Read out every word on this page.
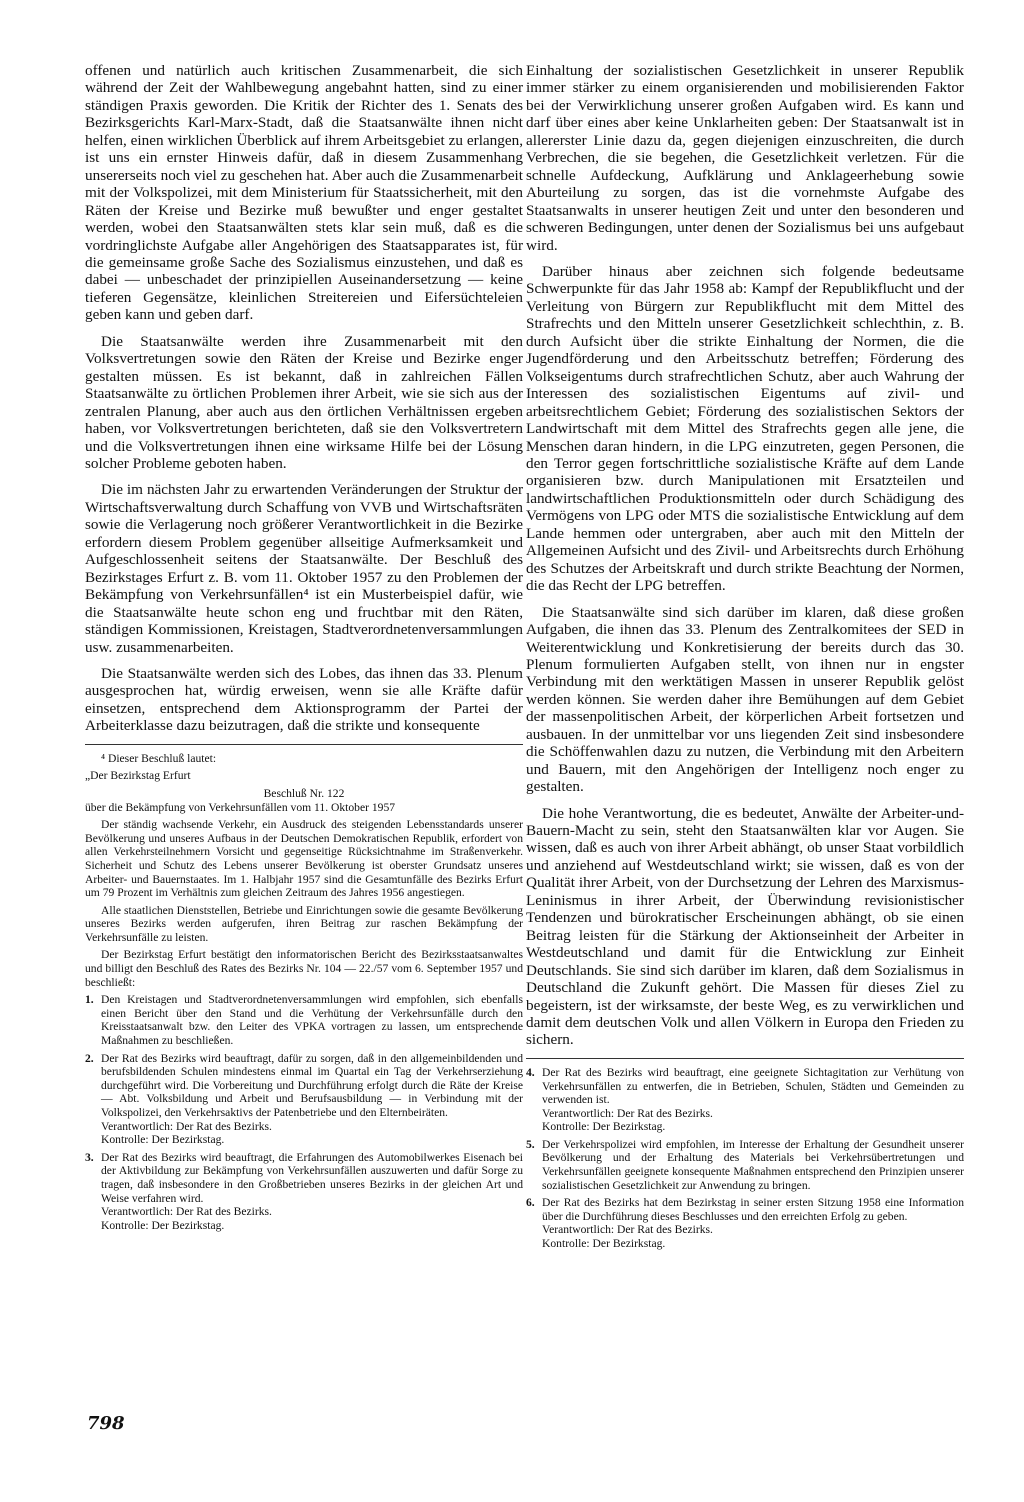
offenen und natürlich auch kritischen Zusammenarbeit, die sich während der Zeit der Wahlbewegung angebahnt hatten, sind zu einer ständigen Praxis geworden. Die Kritik der Richter des 1. Senats des Bezirksgerichts Karl-Marx-Stadt, daß die Staatsanwälte ihnen nicht helfen, einen wirklichen Überblick auf ihrem Arbeitsgebiet zu erlangen, ist uns ein ernster Hinweis dafür, daß in diesem Zusammenhang unsererseits noch viel zu geschehen hat. Aber auch die Zusammenarbeit mit der Volkspolizei, mit dem Ministerium für Staatssicherheit, mit den Räten der Kreise und Bezirke muß bewußter und enger gestaltet werden, wobei den Staatsanwälten stets klar sein muß, daß es die vordringlichste Aufgabe aller Angehörigen des Staatsapparates ist, für die gemeinsame große Sache des Sozialismus einzustehen, und daß es dabei — unbeschadet der prinzipiellen Auseinandersetzung — keine tieferen Gegensätze, kleinlichen Streitereien und Eifersüchteleien geben kann und geben darf.

Die Staatsanwälte werden ihre Zusammenarbeit mit den Volksvertretungen sowie den Räten der Kreise und Bezirke enger gestalten müssen. Es ist bekannt, daß in zahlreichen Fällen Staatsanwälte zu örtlichen Problemen ihrer Arbeit, wie sie sich aus der zentralen Planung, aber auch aus den örtlichen Verhältnissen ergeben haben, vor Volksvertretungen berichteten, daß sie den Volksvertretern und die Volksvertretungen ihnen eine wirksame Hilfe bei der Lösung solcher Probleme geboten haben.

Die im nächsten Jahr zu erwartenden Veränderungen der Struktur der Wirtschaftsverwaltung durch Schaffung von VVB und Wirtschaftsräten sowie die Verlagerung noch größerer Verantwortlichkeit in die Bezirke erfordern diesem Problem gegenüber allseitige Aufmerksamkeit und Aufgeschlossenheit seitens der Staatsanwälte. Der Beschluß des Bezirkstages Erfurt z. B. vom 11. Oktober 1957 zu den Problemen der Bekämpfung von Verkehrsunfällen⁴ ist ein Musterbeispiel dafür, wie die Staatsanwälte heute schon eng und fruchtbar mit den Räten, ständigen Kommissionen, Kreistagen, Stadtverordnetenversammlungen usw. zusammenarbeiten.

Die Staatsanwälte werden sich des Lobes, das ihnen das 33. Plenum ausgesprochen hat, würdig erweisen, wenn sie alle Kräfte dafür einsetzen, entsprechend dem Aktionsprogramm der Partei der Arbeiterklasse dazu beizutragen, daß die strikte und konsequente

⁴ Dieser Beschluß lautet:

„Der Bezirkstag Erfurt

Beschluß Nr. 122

über die Bekämpfung von Verkehrsunfällen vom 11. Oktober 1957

Der ständig wachsende Verkehr, ein Ausdruck des steigenden Lebensstandards unserer Bevölkerung und unseres Aufbaus in der Deutschen Demokratischen Republik, erfordert von allen Verkehrsteilnehmern Vorsicht und gegenseitige Rücksichtnahme im Straßenverkehr. Sicherheit und Schutz des Lebens unserer Bevölkerung ist oberster Grundsatz unseres Arbeiter- und Bauernstaates. Im 1. Halbjahr 1957 sind die Gesamtunfälle des Bezirks Erfurt um 79 Prozent im Verhältnis zum gleichen Zeitraum des Jahres 1956 angestiegen.

Alle staatlichen Dienststellen, Betriebe und Einrichtungen sowie die gesamte Bevölkerung unseres Bezirks werden aufgerufen, ihren Beitrag zur raschen Bekämpfung der Verkehrsunfälle zu leisten.

Der Bezirkstag Erfurt bestätigt den informatorischen Bericht des Bezirksstaatsanwaltes und billigt den Beschluß des Rates des Bezirks Nr. 104 — 22./57 vom 6. September 1957 und beschließt:

1. Den Kreistagen und Stadtverordnetenversammlungen wird empfohlen, sich ebenfalls einen Bericht über den Stand und die Verhütung der Verkehrsunfälle durch den Kreisstaatsanwalt bzw. den Leiter des VPKA vortragen zu lassen, um entsprechende Maßnahmen zu beschließen.

2. Der Rat des Bezirks wird beauftragt, dafür zu sorgen, daß in den allgemeinbildenden und berufsbildenden Schulen mindestens einmal im Quartal ein Tag der Verkehrserziehung durchgeführt wird. Die Vorbereitung und Durchführung erfolgt durch die Räte der Kreise — Abt. Volksbildung und Arbeit und Berufsausbildung — in Verbindung mit der Volkspolizei, den Verkehrsaktivs der Patenbetriebe und den Elternbeiräten.

Verantwortlich: Der Rat des Bezirks.

Kontrolle: Der Bezirkstag.

3. Der Rat des Bezirks wird beauftragt, die Erfahrungen des Automobilwerkes Eisenach bei der Aktivbildung zur Bekämpfung von Verkehrsunfällen auszuwerten und dafür Sorge zu tragen, daß insbesondere in den Großbetrieben unseres Bezirks in der gleichen Art und Weise verfahren wird.

Verantwortlich: Der Rat des Bezirks.

Kontrolle: Der Bezirkstag.

Einhaltung der sozialistischen Gesetzlichkeit in unserer Republik immer stärker zu einem organisierenden und mobilisierenden Faktor bei der Verwirklichung unserer großen Aufgaben wird. Es kann und darf über eines aber keine Unklarheiten geben: Der Staatsanwalt ist in allererster Linie dazu da, gegen diejenigen einzuschreiten, die durch Verbrechen, die sie begehen, die Gesetzlichkeit verletzen. Für die schnelle Aufdeckung, Aufklärung und Anklageerhebung sowie Aburteilung zu sorgen, das ist die vornehmste Aufgabe des Staatsanwalts in unserer heutigen Zeit und unter den besonderen und schweren Bedingungen, unter denen der Sozialismus bei uns aufgebaut wird.

Darüber hinaus aber zeichnen sich folgende bedeutsame Schwerpunkte für das Jahr 1958 ab: Kampf der Republikflucht und der Verleitung von Bürgern zur Republikflucht mit dem Mittel des Strafrechts und den Mitteln unserer Gesetzlichkeit schlechthin, z. B. durch Aufsicht über die strikte Einhaltung der Normen, die die Jugendförderung und den Arbeitsschutz betreffen; Förderung des Volkseigentums durch strafrechtlichen Schutz, aber auch Wahrung der Interessen des sozialistischen Eigentums auf zivil- und arbeitsrechtlichem Gebiet; Förderung des sozialistischen Sektors der Landwirtschaft mit dem Mittel des Strafrechts gegen alle jene, die Menschen daran hindern, in die LPG einzutreten, gegen Personen, die den Terror gegen fortschrittliche sozialistische Kräfte auf dem Lande organisieren bzw. durch Manipulationen mit Ersatzteilen und landwirtschaftlichen Produktionsmitteln oder durch Schädigung des Vermögens von LPG oder MTS die sozialistische Entwicklung auf dem Lande hemmen oder untergraben, aber auch mit den Mitteln der Allgemeinen Aufsicht und des Zivil- und Arbeitsrechts durch Erhöhung des Schutzes der Arbeitskraft und durch strikte Beachtung der Normen, die das Recht der LPG betreffen.

Die Staatsanwälte sind sich darüber im klaren, daß diese großen Aufgaben, die ihnen das 33. Plenum des Zentralkomitees der SED in Weiterentwicklung und Konkretisierung der bereits durch das 30. Plenum formulierten Aufgaben stellt, von ihnen nur in engster Verbindung mit den werktätigen Massen in unserer Republik gelöst werden können. Sie werden daher ihre Bemühungen auf dem Gebiet der massenpolitischen Arbeit, der körperlichen Arbeit fortsetzen und ausbauen. In der unmittelbar vor uns liegenden Zeit sind insbesondere die Schöffenwahlen dazu zu nutzen, die Verbindung mit den Arbeitern und Bauern, mit den Angehörigen der Intelligenz noch enger zu gestalten.

Die hohe Verantwortung, die es bedeutet, Anwälte der Arbeiter-und-Bauern-Macht zu sein, steht den Staatsanwälten klar vor Augen. Sie wissen, daß es auch von ihrer Arbeit abhängt, ob unser Staat vorbildlich und anziehend auf Westdeutschland wirkt; sie wissen, daß es von der Qualität ihrer Arbeit, von der Durchsetzung der Lehren des Marxismus-Leninismus in ihrer Arbeit, der Überwindung revisionistischer Tendenzen und bürokratischer Erscheinungen abhängt, ob sie einen Beitrag leisten für die Stärkung der Aktionseinheit der Arbeiter in Westdeutschland und damit für die Entwicklung zur Einheit Deutschlands. Sie sind sich darüber im klaren, daß dem Sozialismus in Deutschland die Zukunft gehört. Die Massen für dieses Ziel zu begeistern, ist der wirksamste, der beste Weg, es zu verwirklichen und damit dem deutschen Volk und allen Völkern in Europa den Frieden zu sichern.

4. Der Rat des Bezirks wird beauftragt, eine geeignete Sichtagitation zur Verhütung von Verkehrsunfällen zu entwerfen, die in Betrieben, Schulen, Städten und Gemeinden zu verwenden ist.

Verantwortlich: Der Rat des Bezirks.

Kontrolle: Der Bezirkstag.

5. Der Verkehrspolizei wird empfohlen, im Interesse der Erhaltung der Gesundheit unserer Bevölkerung und der Erhaltung des Materials bei Verkehrsübertretungen und Verkehrsunfällen geeignete konsequente Maßnahmen entsprechend den Prinzipien unserer sozialistischen Gesetzlichkeit zur Anwendung zu bringen.

6. Der Rat des Bezirks hat dem Bezirkstag in seiner ersten Sitzung 1958 eine Information über die Durchführung dieses Beschlusses und den erreichten Erfolg zu geben.

Verantwortlich: Der Rat des Bezirks.

Kontrolle: Der Bezirkstag.

798
